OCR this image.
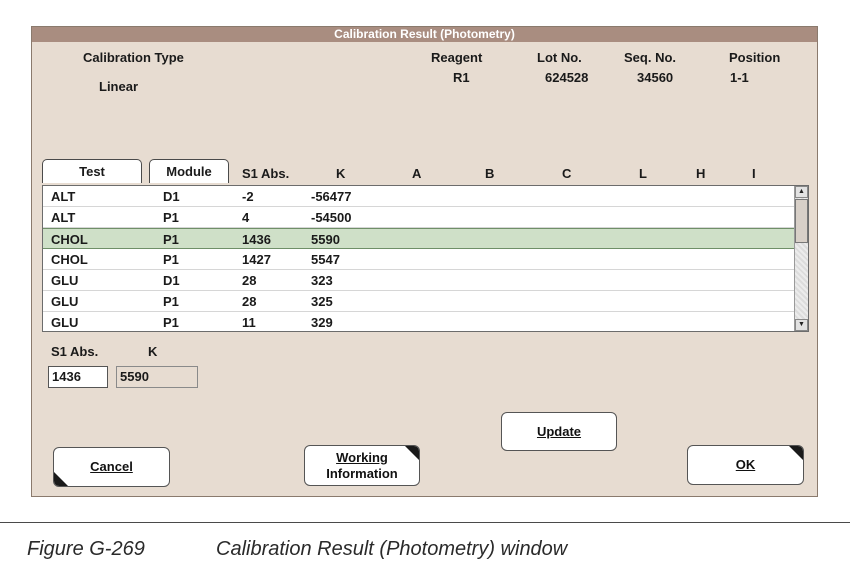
Calibration Result (Photometry)
Calibration Type
Linear
Reagent
R1
Lot No.
624528
Seq. No.
34560
Position
1-1
Test	Module	S1 Abs.	K	A	B	C	L	H	I
ALT	D1	-2	-56477
ALT	P1	4	-54500
CHOL	P1	1436	5590
CHOL	P1	1427	5547
GLU	D1	28	323
GLU	P1	28	325
GLU	P1	11	329
▲
▼
S1 Abs.	K
1436	5590
Update
Cancel
Working
Information
OK
Figure G-269	Calibration Result (Photometry) window
